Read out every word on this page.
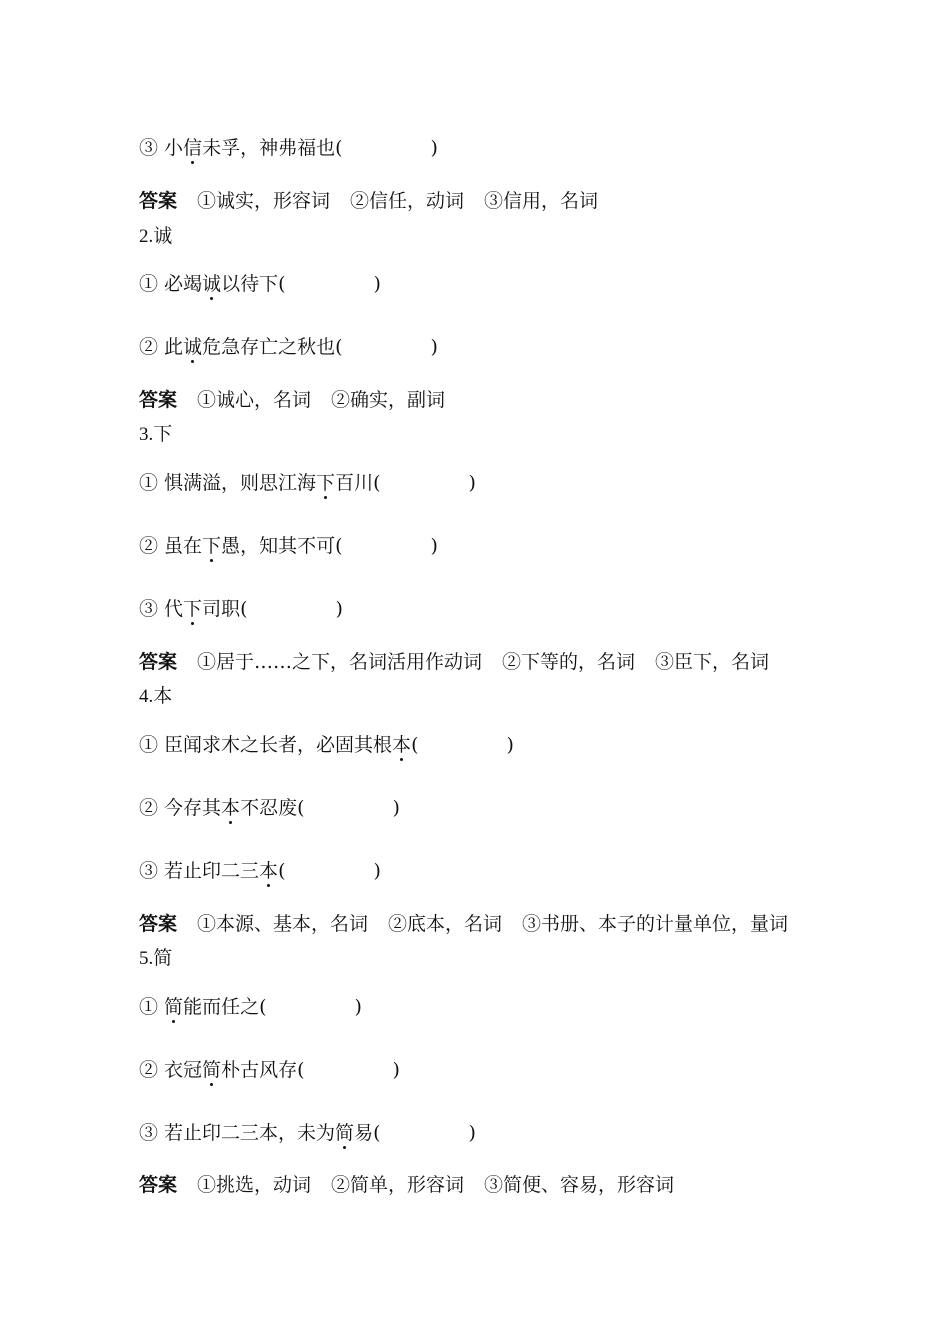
③ 小信未孚，神弗福也(	)
答案 ①诚实，形容词 ②信任，动词 ③信用，名词
2.诚
① 必竭诚以待下(	)
② 此诚危急存亡之秋也(	)
答案 ①诚心，名词 ②确实，副词
3.下
① 惧满溢，则思江海下百川(	)
② 虽在下愚，知其不可(	)
③ 代下司职(	)
答案 ①居于……之下，名词活用作动词 ②下等的，名词 ③臣下，名词
4.本
① 臣闻求木之长者，必固其根本(	)
② 今存其本不忍废(	)
③ 若止印二三本(	)
答案 ①本源、基本，名词 ②底本，名词 ③书册、本子的计量单位，量词
5.简
① 简能而任之(	)
② 衣冠简朴古风存(	)
③ 若止印二三本，未为简易(	)
答案 ①挑选，动词 ②简单，形容词 ③简便、容易，形容词
